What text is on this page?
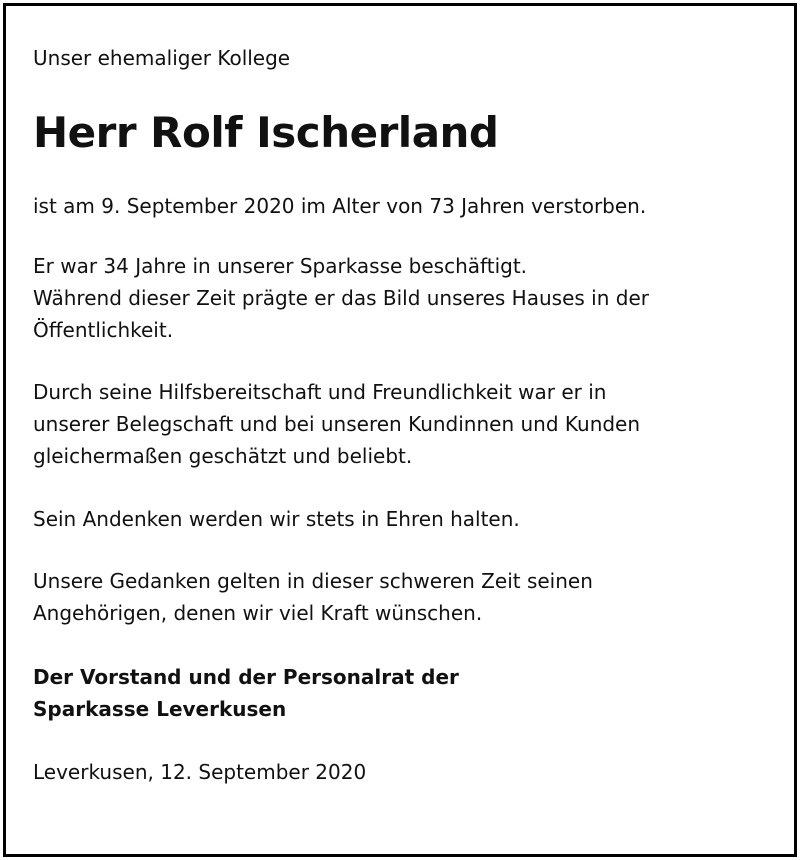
Unser ehemaliger Kollege

Herr Rolf Ischerland

ist am 9. September 2020 im Alter von 73 Jahren verstorben.

Er war 34 Jahre in unserer Sparkasse beschäftigt.
Während dieser Zeit prägte er das Bild unseres Hauses in der
Öffentlichkeit.

Durch seine Hilfsbereitschaft und Freundlichkeit war er in
unserer Belegschaft und bei unseren Kundinnen und Kunden
gleichermaßen geschätzt und beliebt.

Sein Andenken werden wir stets in Ehren halten.

Unsere Gedanken gelten in dieser schweren Zeit seinen
Angehörigen, denen wir viel Kraft wünschen.

Der Vorstand und der Personalrat der
Sparkasse Leverkusen

Leverkusen, 12. September 2020
